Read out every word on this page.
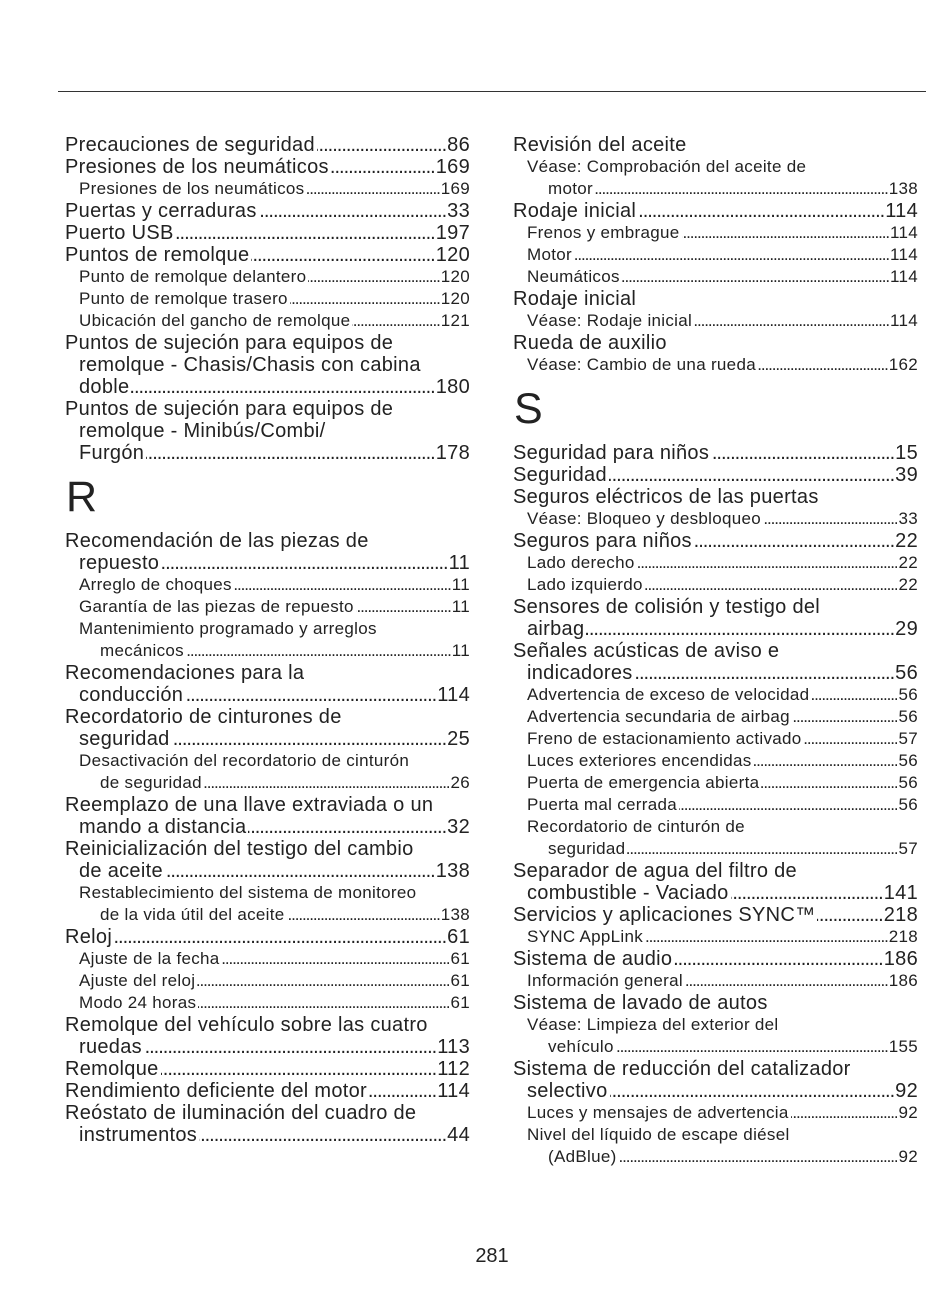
Precauciones de seguridad .....	86
Presiones de los neumáticos .....	169
Presiones de los neumáticos .....	169
Puertas y cerraduras .....	33
Puerto USB .....	197
Puntos de remolque .....	120
Punto de remolque delantero .....	120
Punto de remolque trasero .....	120
Ubicación del gancho de remolque .....	121
Puntos de sujeción para equipos de
remolque - Chasis/Chasis con cabina
doble .....	180
Puntos de sujeción para equipos de
remolque - Minibús/Combi/
Furgón .....	178
R
Recomendación de las piezas de
repuesto .....	11
Arreglo de choques .....	11
Garantía de las piezas de repuesto .....	11
Mantenimiento programado y arreglos
mecánicos .....	11
Recomendaciones para la
conducción .....	114
Recordatorio de cinturones de
seguridad .....	25
Desactivación del recordatorio de cinturón
de seguridad .....	26
Reemplazo de una llave extraviada o un
mando a distancia .....	32
Reinicialización del testigo del cambio
de aceite .....	138
Restablecimiento del sistema de monitoreo
de la vida útil del aceite .....	138
Reloj .....	61
Ajuste de la fecha .....	61
Ajuste del reloj .....	61
Modo 24 horas .....	61
Remolque del vehículo sobre las cuatro
ruedas .....	113
Remolque .....	112
Rendimiento deficiente del motor .....	114
Reóstato de iluminación del cuadro de
instrumentos .....	44
Revisión del aceite
Véase: Comprobación del aceite de
motor .....	138
Rodaje inicial .....	114
Frenos y embrague .....	114
Motor .....	114
Neumáticos .....	114
Rodaje inicial
Véase: Rodaje inicial .....	114
Rueda de auxilio
Véase: Cambio de una rueda .....	162
S
Seguridad para niños .....	15
Seguridad .....	39
Seguros eléctricos de las puertas
Véase: Bloqueo y desbloqueo .....	33
Seguros para niños .....	22
Lado derecho .....	22
Lado izquierdo .....	22
Sensores de colisión y testigo del
airbag .....	29
Señales acústicas de aviso e
indicadores .....	56
Advertencia de exceso de velocidad .....	56
Advertencia secundaria de airbag .....	56
Freno de estacionamiento activado .....	57
Luces exteriores encendidas .....	56
Puerta de emergencia abierta .....	56
Puerta mal cerrada .....	56
Recordatorio de cinturón de
seguridad .....	57
Separador de agua del filtro de
combustible - Vaciado .....	141
Servicios y aplicaciones SYNC™ .....	218
SYNC AppLink .....	218
Sistema de audio .....	186
Información general .....	186
Sistema de lavado de autos
Véase: Limpieza del exterior del
vehículo .....	155
Sistema de reducción del catalizador
selectivo .....	92
Luces y mensajes de advertencia .....	92
Nivel del líquido de escape diésel
(AdBlue) .....	92
281
